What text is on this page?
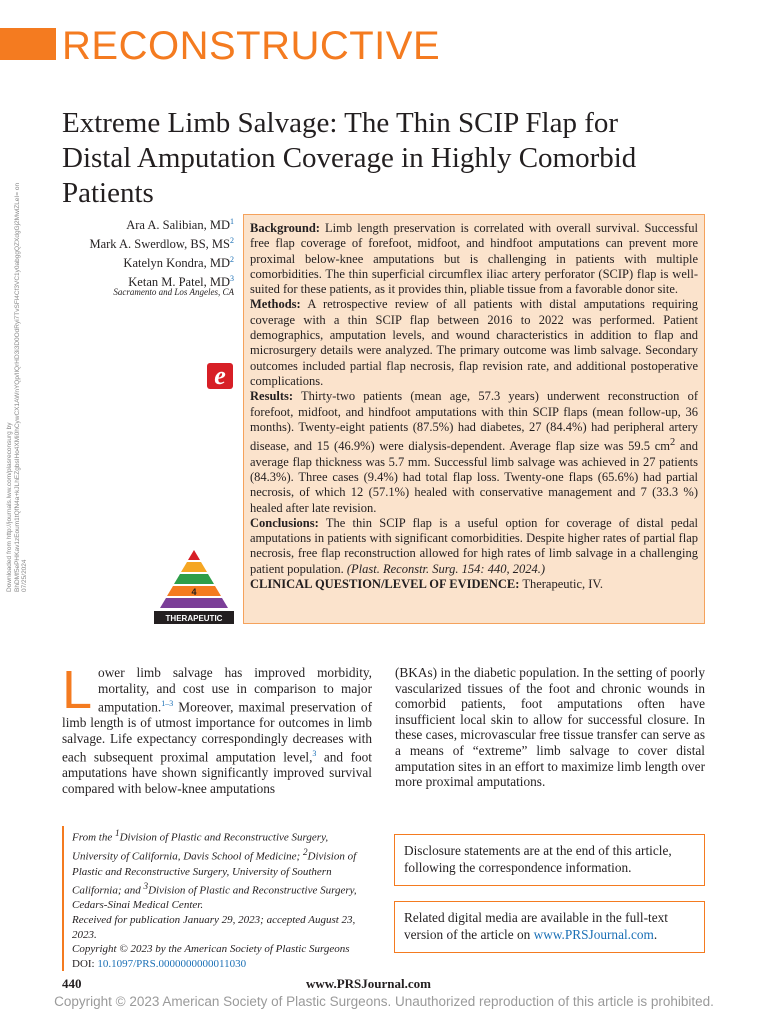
RECONSTRUCTIVE
Extreme Limb Salvage: The Thin SCIP Flap for Distal Amputation Coverage in Highly Comorbid Patients
Downloaded from http://journals.lww.com/plasreconsurg by BhDMf5ePHKav1zEoum1tQfN4a+kJLhEZgbsIHo4XMi0hCywCX1AWnYQp/IlQrHD3i3D0OdRyi7TvSFl4Cf3VC1y0abggQZXdgGj2MwlZLeI= on 07/25/2024
Ara A. Salibian, $MD^1$
Mark A. Swerdlow, BS, $MS^2$
Katelyn Kondra, $MD^2$
Ketan M. Patel, $MD^3$
Sacramento and Los Angeles, CA
e
4
THERAPEUTIC

Background: Limb length preservation is correlated with overall survival. Successful free flap coverage of forefoot, midfoot, and hindfoot amputations can prevent more proximal below-knee amputations but is challenging in patients with multiple comorbidities. The thin superficial circumflex iliac artery perforator (SCIP) flap is well-suited for these patients, as it provides thin, pliable tissue from a favorable donor site.

Methods: A retrospective review of all patients with distal amputations requiring coverage with a thin SCIP flap between 2016 to 2022 was performed. Patient demographics, amputation levels, and wound characteristics in addition to flap and microsurgery details were analyzed. The primary outcome was limb salvage. Secondary outcomes included partial flap necrosis, flap revision rate, and additional postoperative complications.

Results: Thirty-two patients (mean age, 57.3 years) underwent reconstruction of forefoot, midfoot, and hindfoot amputations with thin SCIP flaps (mean follow-up, 36 months). Twenty-eight patients (87.5%) had diabetes, 27 (84.4%) had peripheral artery disease, and 15 (46.9%) were dialysis-dependent. Average flap size was 59.5 $cm^2$ and average flap thickness was 5.7 mm. Successful limb salvage was achieved in 27 patients (84.3%). Three cases (9.4%) had total flap loss. Twenty-one flaps (65.6%) had partial necrosis, of which 12 (57.1%) healed with conservative management and 7 (33.3 %) healed after late revision.

Conclusions: The thin SCIP flap is a useful option for coverage of distal pedal amputations in patients with significant comorbidities. Despite higher rates of partial flap necrosis, free flap reconstruction allowed for high rates of limb salvage in a challenging patient population. (Plast. Reconstr. Surg. 154: 440, 2024.)

CLINICAL QUESTION/LEVEL OF EVIDENCE: Therapeutic, IV.

Lower limb salvage has improved morbidity, mortality, and cost use in comparison to major amputation.$^{1-3}$ Moreover, maximal preservation of limb length is of utmost importance for outcomes in limb salvage. Life expectancy correspondingly decreases with each subsequent proximal amputation level,$^3$ and foot amputations have shown significantly improved survival compared with below-knee amputations

(BKAs) in the diabetic population. In the setting of poorly vascularized tissues of the foot and chronic wounds in comorbid patients, foot amputations often have insufficient local skin to allow for successful closure. In these cases, microvascular free tissue transfer can serve as a means of “extreme” limb salvage to cover distal amputation sites in an effort to maximize limb length over more proximal amputations.

From the $^1$Division of Plastic and Reconstructive Surgery, University of California, Davis School of Medicine; $^2$Division of Plastic and Reconstructive Surgery, University of Southern California; and $^3$Division of Plastic and Reconstructive Surgery, Cedars-Sinai Medical Center.

Received for publication January 29, 2023; accepted August 23, 2023.

Copyright © 2023 by the American Society of Plastic Surgeons

DOI: 10.1097/PRS.0000000000011030

Disclosure statements are at the end of this article, following the correspondence information.
Related digital media are available in the full-text version of the article on www.PRSJournal.com.
440	www.PRSJournal.com
Copyright © 2023 American Society of Plastic Surgeons. Unauthorized reproduction of this article is prohibited.
